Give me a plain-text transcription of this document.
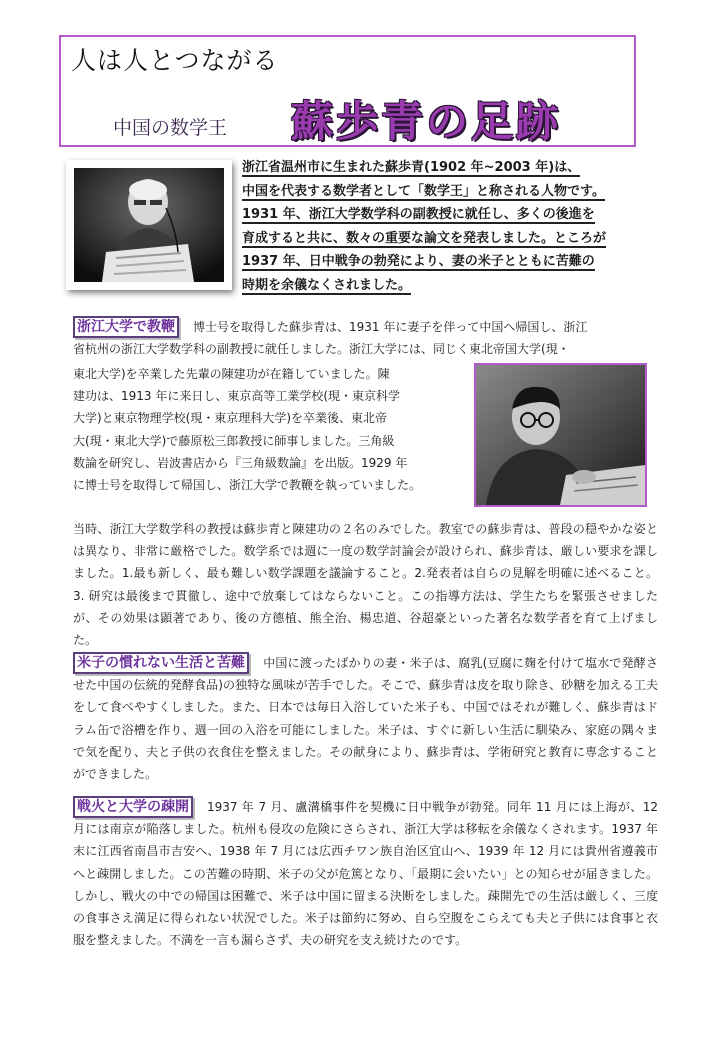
人は人とつながる
中国の数学王 蘇歩青の足跡
浙江省温州市に生まれた蘇歩青(1902 年~2003 年)は、
中国を代表する数学者として「数学王」と称される人物です。
1931 年、浙江大学数学科の副教授に就任し、多くの後進を
育成すると共に、数々の重要な論文を発表しました。ところが
1937 年、日中戦争の勃発により、妻の米子とともに苦難の
時期を余儀なくされました。
浙江大学で教鞭 博士号を取得した蘇歩青は、1931 年に妻子を伴って中国へ帰国し、浙江
省杭州の浙江大学数学科の副教授に就任しました。浙江大学には、同じく東北帝国大学(現・
東北大学)を卒業した先輩の陳建功が在籍していました。陳
建功は、1913 年に来日し、東京高等工業学校(現・東京科学
大学)と東京物理学校(現・東京理科大学)を卒業後、東北帝
大(現・東北大学)で藤原松三郎教授に師事しました。三角級
数論を研究し、岩波書店から『三角級数論』を出版。1929 年
に博士号を取得して帰国し、浙江大学で教鞭を執っていました。
当時、浙江大学数学科の教授は蘇歩青と陳建功の２名のみでした。教室での蘇歩青は、普段の穏やかな姿とは異なり、非常に厳格でした。数学系では週に一度の数学討論会が設けられ、蘇歩青は、厳しい要求を課しました。1.最も新しく、最も難しい数学課題を議論すること。2.発表者は自らの見解を明確に述べること。3. 研究は最後まで貫徹し、途中で放棄してはならないこと。この指導方法は、学生たちを緊張させましたが、その効果は顕著であり、後の方德植、熊全治、楊忠道、谷超豪といった著名な数学者を育て上げました。
米子の慣れない生活と苦難 中国に渡ったばかりの妻・米子は、腐乳(豆腐に麹を付けて塩水で発酵させた中国の伝統的発酵食品)の独特な風味が苦手でした。そこで、蘇歩青は皮を取り除き、砂糖を加える工夫をして食べやすくしました。また、日本では毎日入浴していた米子も、中国ではそれが難しく、蘇歩青はドラム缶で浴槽を作り、週一回の入浴を可能にしました。米子は、すぐに新しい生活に馴染み、家庭の隅々まで気を配り、夫と子供の衣食住を整えました。その献身により、蘇歩青は、学術研究と教育に専念することができました。
戦火と大学の疎開 1937 年 7 月、盧溝橋事件を契機に日中戦争が勃発。同年 11 月には上海が、12 月には南京が陥落しました。杭州も侵攻の危険にさらされ、浙江大学は移転を余儀なくされます。1937 年末に江西省南昌市吉安へ、1938 年 7 月には広西チワン族自治区宜山へ、1939 年 12 月には貴州省遵義市へと疎開しました。この苦難の時期、米子の父が危篤となり、「最期に会いたい」との知らせが届きました。しかし、戦火の中での帰国は困難で、米子は中国に留まる決断をしました。疎開先での生活は厳しく、三度の食事さえ満足に得られない状況でした。米子は節約に努め、自ら空腹をこらえても夫と子供には食事と衣服を整えました。不満を一言も漏らさず、夫の研究を支え続けたのです。
